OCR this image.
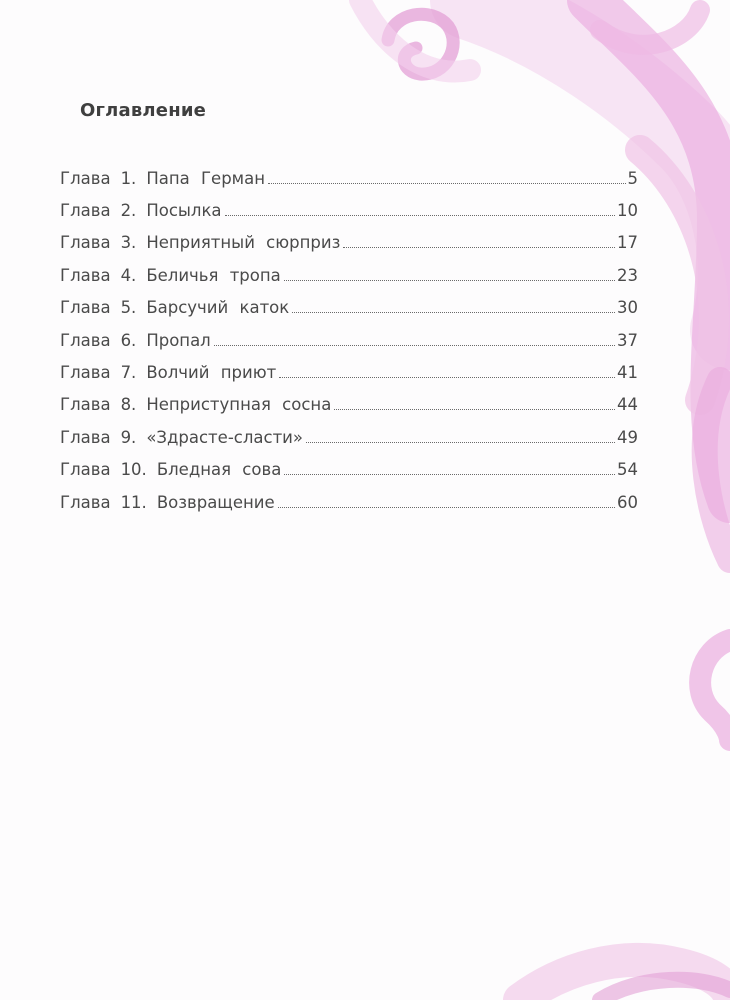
Оглавление
Глава 1. Папа Герман	5
Глава 2. Посылка	10
Глава 3. Неприятный сюрприз	17
Глава 4. Беличья тропа	23
Глава 5. Барсучий каток	30
Глава 6. Пропал	37
Глава 7. Волчий приют	41
Глава 8. Неприступная сосна	44
Глава 9. «Здрасте-сласти»	49
Глава 10. Бледная сова	54
Глава 11. Возвращение	60
